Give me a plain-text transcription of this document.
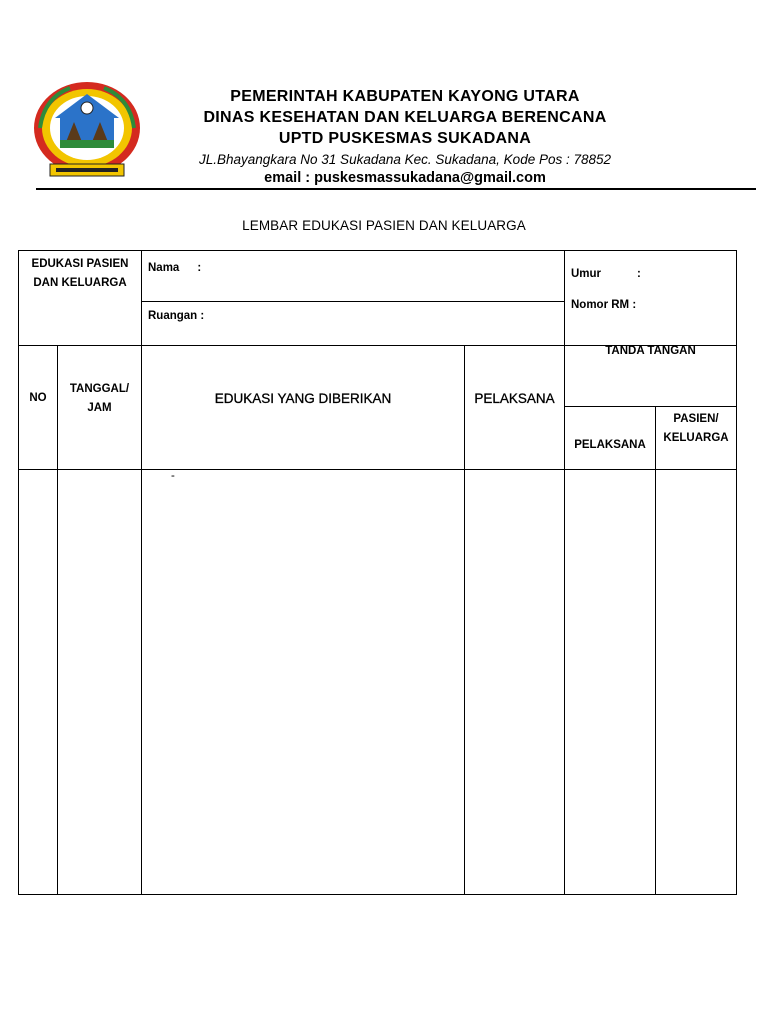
PEMERINTAH KABUPATEN KAYONG UTARA
DINAS KESEHATAN DAN KELUARGA BERENCANA
UPTD PUSKESMAS SUKADANA
JL.Bhayangkara No 31 Sukadana Kec. Sukadana, Kode Pos : 78852
email : puskesmassukadana@gmail.com
LEMBAR EDUKASI PASIEN DAN KELUARGA
EDUKASI PASIEN
DAN KELUARGA
Nama :
Ruangan :
Umur	:
Nomor RM :
NO
TANGGAL/
JAM
EDUKASI YANG DIBERIKAN	PELAKSANA
TANDA TANGAN
PELAKSANA
PASIEN/
KELUARGA
-
